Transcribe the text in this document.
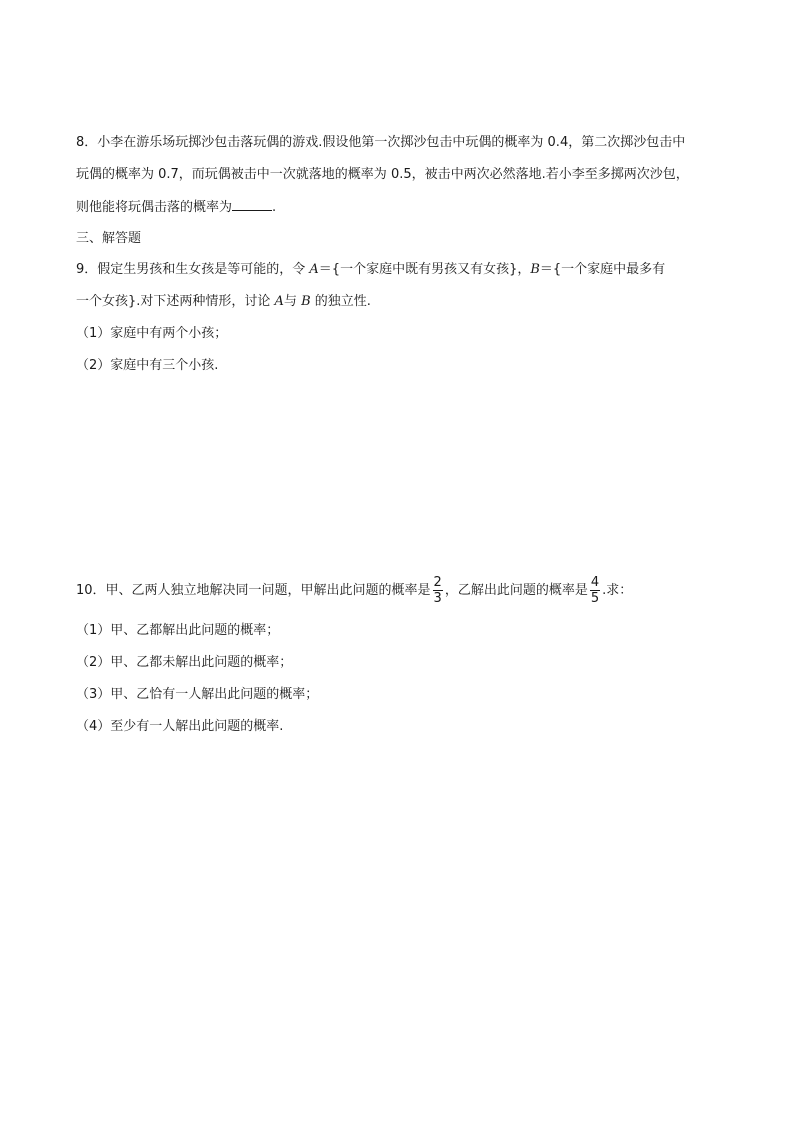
8．小李在游乐场玩掷沙包击落玩偶的游戏.假设他第一次掷沙包击中玩偶的概率为 0.4，第二次掷沙包击中
玩偶的概率为 0.7，而玩偶被击中一次就落地的概率为 0.5，被击中两次必然落地.若小李至多掷两次沙包，
则他能将玩偶击落的概率为	.
三、解答题
9．假定生男孩和生女孩是等可能的，令 A＝{一个家庭中既有男孩又有女孩}，B＝{一个家庭中最多有
一个女孩}.对下述两种情形，讨论 A与 B 的独立性.
（1）家庭中有两个小孩；
（2）家庭中有三个小孩.
10．甲、乙两人独立地解决同一问题，甲解出此问题的概率是 $\frac{2}{3}$ ，乙解出此问题的概率是 $\frac{4}{5}$ .求：
（1）甲、乙都解出此问题的概率；
（2）甲、乙都未解出此问题的概率；
（3）甲、乙恰有一人解出此问题的概率；
（4）至少有一人解出此问题的概率.
